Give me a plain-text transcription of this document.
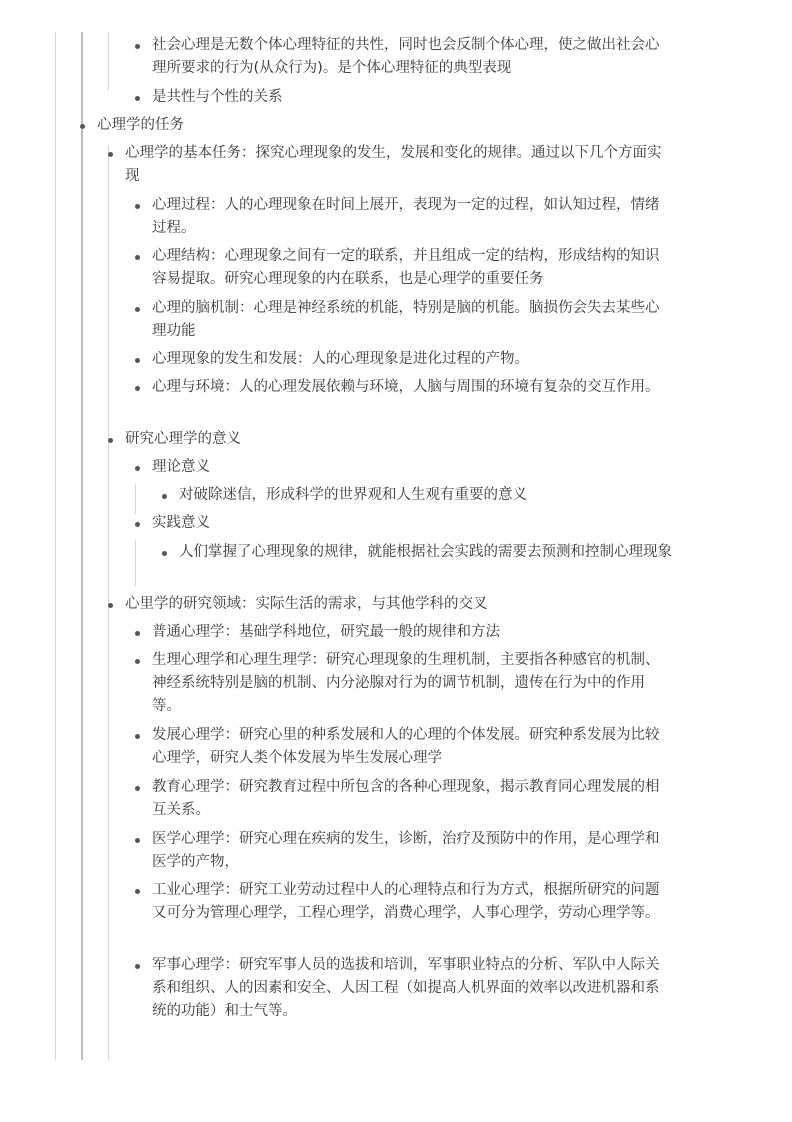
社会心理是无数个体心理特征的共性，同时也会反制个体心理，使之做出社会心理所要求的行为(从众行为)。是个体心理特征的典型表现
是共性与个性的关系
心理学的任务
心理学的基本任务：探究心理现象的发生，发展和变化的规律。通过以下几个方面实现
心理过程：人的心理现象在时间上展开，表现为一定的过程，如认知过程，情绪过程。
心理结构：心理现象之间有一定的联系，并且组成一定的结构，形成结构的知识容易提取。研究心理现象的内在联系，也是心理学的重要任务
心理的脑机制：心理是神经系统的机能，特别是脑的机能。脑损伤会失去某些心理功能
心理现象的发生和发展：人的心理现象是进化过程的产物。
心理与环境：人的心理发展依赖与环境，人脑与周围的环境有复杂的交互作用。
研究心理学的意义
理论意义
对破除迷信，形成科学的世界观和人生观有重要的意义
实践意义
人们掌握了心理现象的规律，就能根据社会实践的需要去预测和控制心理现象
心里学的研究领域：实际生活的需求，与其他学科的交叉
普通心理学：基础学科地位，研究最一般的规律和方法
生理心理学和心理生理学：研究心理现象的生理机制，主要指各种感官的机制、神经系统特别是脑的机制、内分泌腺对行为的调节机制，遗传在行为中的作用等。
发展心理学：研究心里的种系发展和人的心理的个体发展。研究种系发展为比较心理学，研究人类个体发展为毕生发展心理学
教育心理学：研究教育过程中所包含的各种心理现象，揭示教育同心理发展的相互关系。
医学心理学：研究心理在疾病的发生，诊断，治疗及预防中的作用，是心理学和医学的产物，
工业心理学：研究工业劳动过程中人的心理特点和行为方式，根据所研究的问题又可分为管理心理学，工程心理学，消费心理学，人事心理学，劳动心理学等。
军事心理学：研究军事人员的选拔和培训，军事职业特点的分析、军队中人际关系和组织、人的因素和安全、人因工程（如提高人机界面的效率以改进机器和系统的功能）和士气等。
